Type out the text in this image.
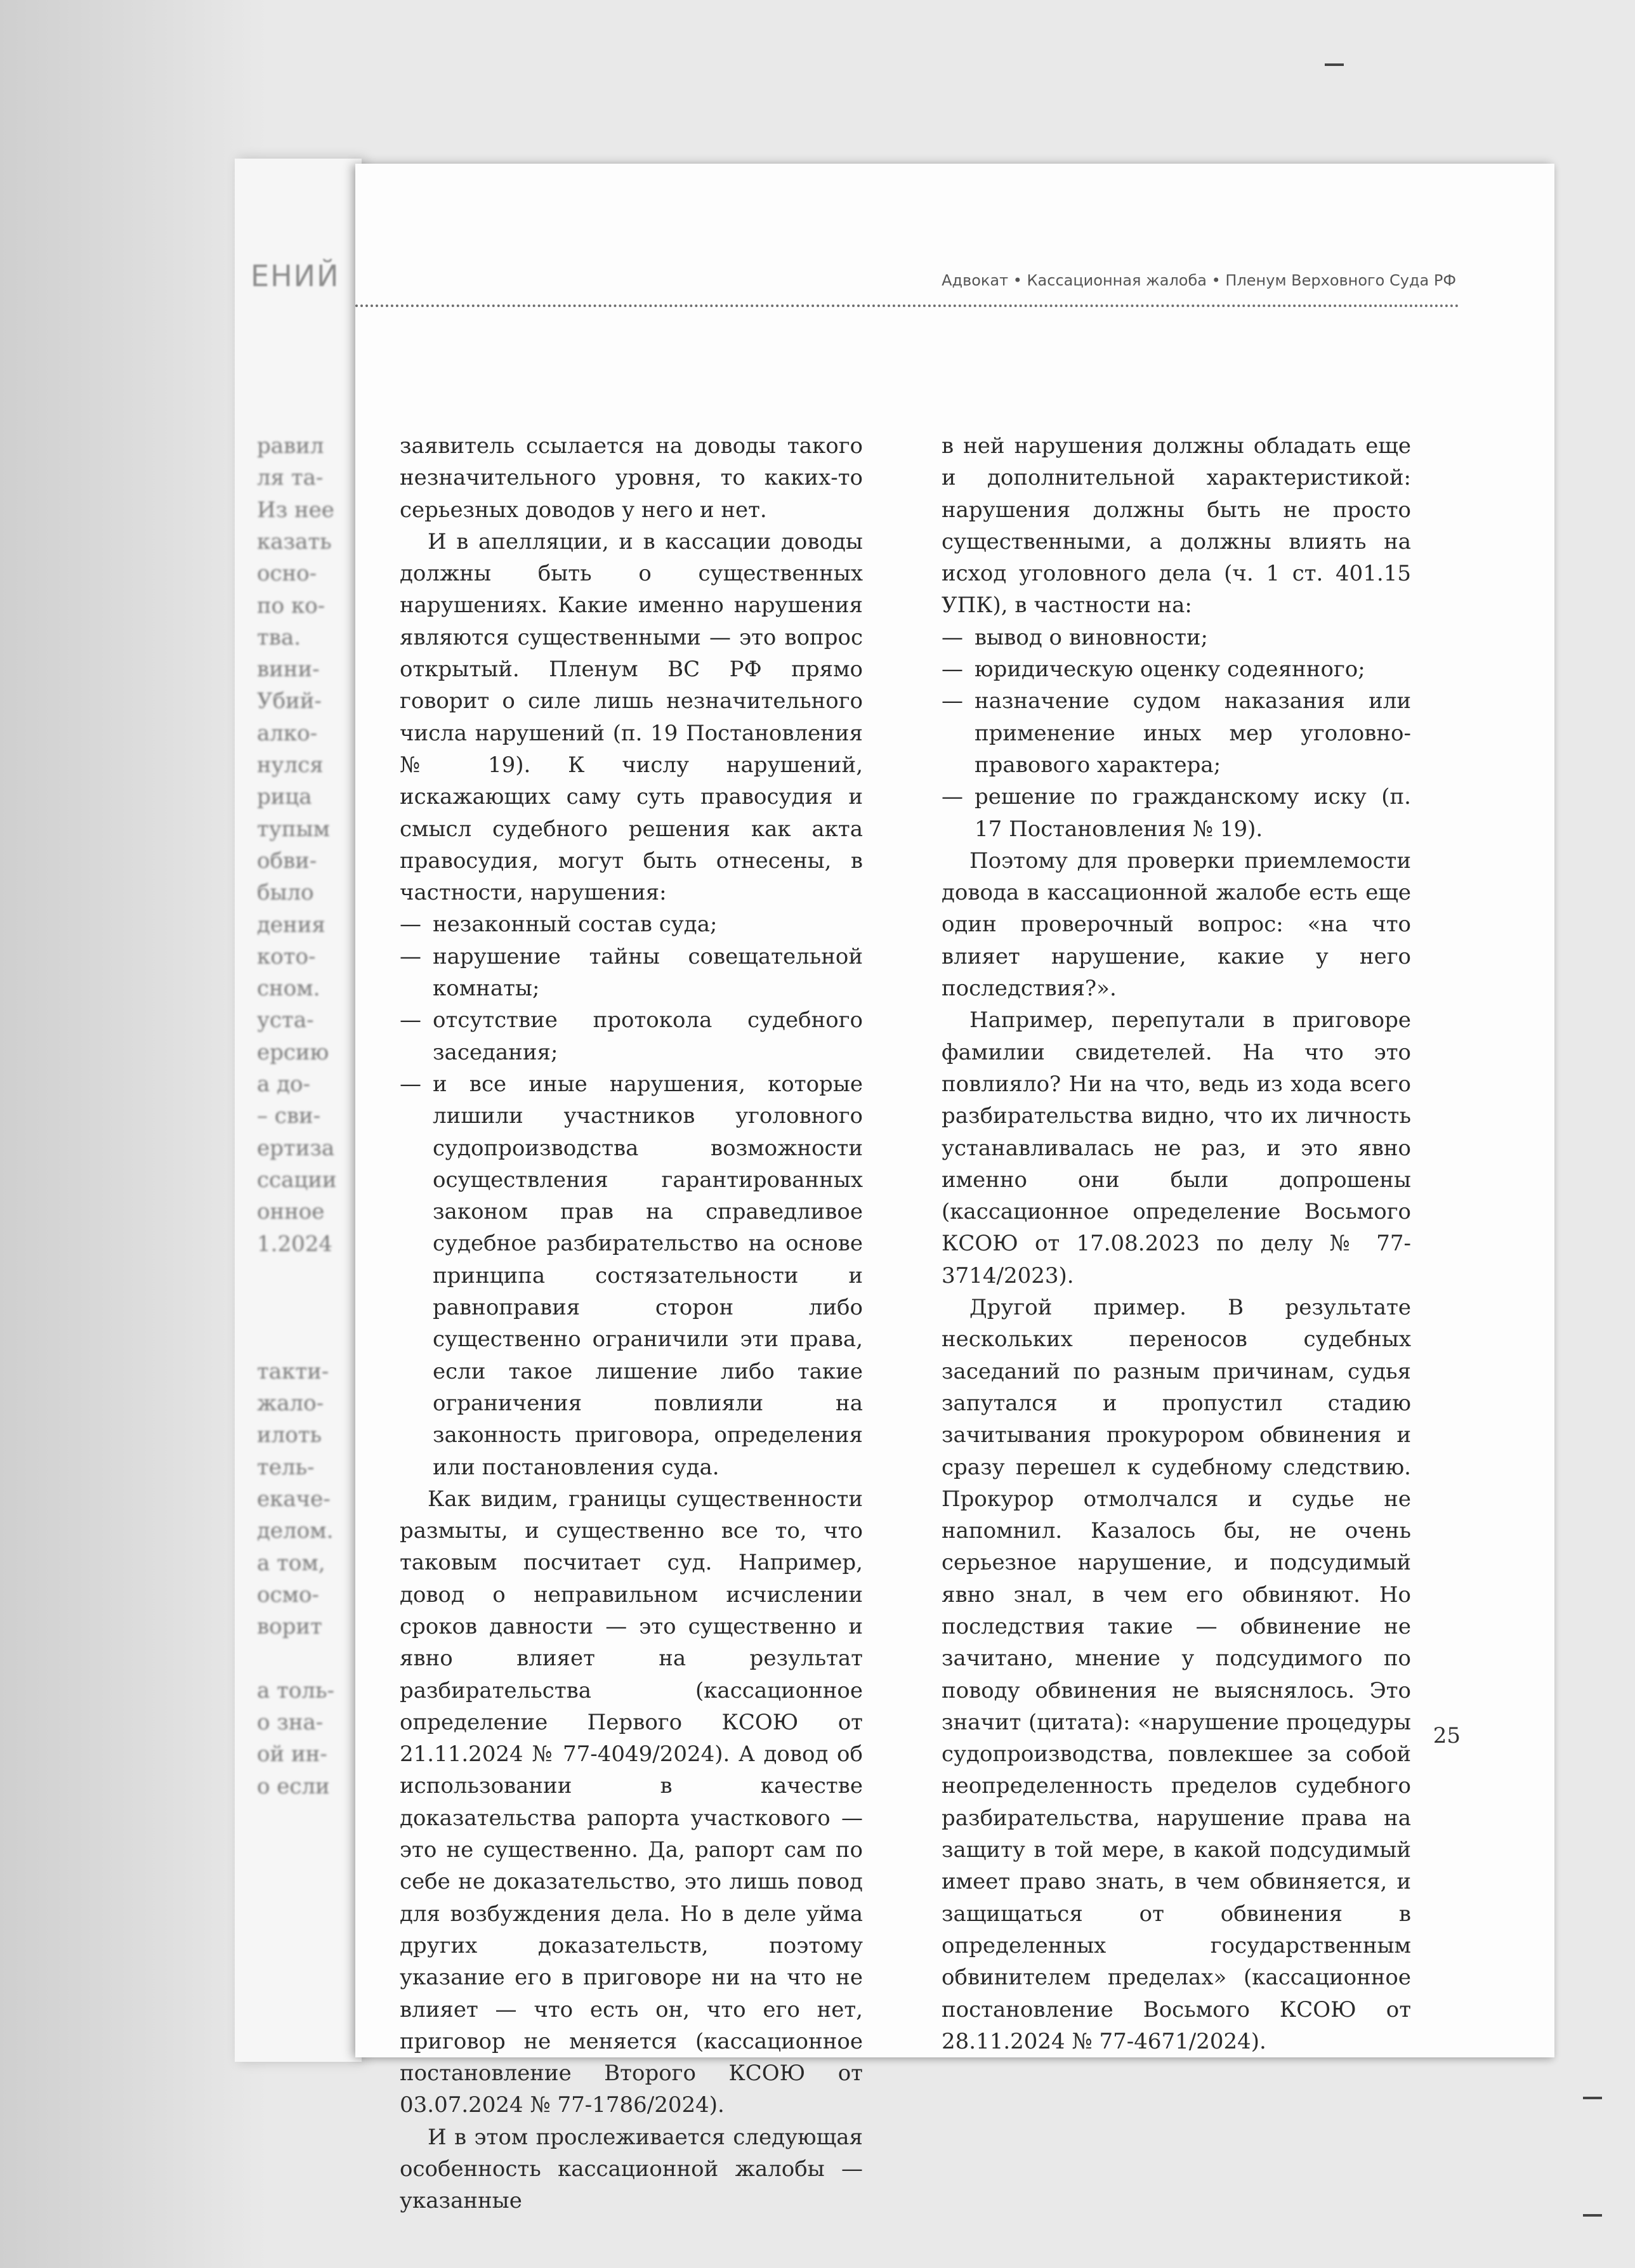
ЕНИЙ
равил
ля та-
Из нее
казать
осно-
по ко-
тва.
вини-
Убий-
алко-
нулся
рица
тупым
обви-
было
дения
кото-
сном.
уста-
ерсию
а до-
– сви-
ертиза
ссации
онное
1.2024
такти-
жало-
илоть
тель-
екаче-
делом.
а том,
осмо-
ворит
а толь-
о зна-
ой ин-
о если
Адвокат • Кассационная жалоба • Пленум Верховного Суда РФ

заявитель ссылается на доводы такого незначительного уровня, то каких-то серьезных доводов у него и нет.

И в апелляции, и в кассации доводы должны быть о существенных нарушениях. Какие именно нарушения являются существенными — это вопрос открытый. Пленум ВС РФ прямо говорит о силе лишь незначительного числа нарушений (п. 19 Постановления № 19). К числу нарушений, искажающих саму суть правосудия и смысл судебного решения как акта правосудия, могут быть отнесены, в частности, нарушения:

— незаконный состав суда;
— нарушение тайны совещательной комнаты;
— отсутствие протокола судебного заседания;
— и все иные нарушения, которые лишили участников уголовного судопроизводства возможности осуществления гарантированных законом прав на справедливое судебное разбирательство на основе принципа состязательности и равноправия сторон либо существенно ограничили эти права, если такое лишение либо такие ограничения повлияли на законность приговора, определения или постановления суда.

Как видим, границы существенности размыты, и существенно все то, что таковым посчитает суд. Например, довод о неправильном исчислении сроков давности — это существенно и явно влияет на результат разбирательства (кассационное определение Первого КСОЮ от 21.11.2024 № 77-4049/2024). А довод об использовании в качестве доказательства рапорта участкового — это не существенно. Да, рапорт сам по себе не доказательство, это лишь повод для возбуждения дела. Но в деле уйма других доказательств, поэтому указание его в приговоре ни на что не влияет — что есть он, что его нет, приговор не меняется (кассационное постановление Второго КСОЮ от 03.07.2024 № 77-1786/2024).

И в этом прослеживается следующая особенность кассационной жалобы — указанные

в ней нарушения должны обладать еще и дополнительной характеристикой: нарушения должны быть не просто существенными, а должны влиять на исход уголовного дела (ч. 1 ст. 401.15 УПК), в частности на:

— вывод о виновности;
— юридическую оценку содеянного;
— назначение судом наказания или применение иных мер уголовно-правового характера;
— решение по гражданскому иску (п. 17 Постановления № 19).

Поэтому для проверки приемлемости довода в кассационной жалобе есть еще один проверочный вопрос: «на что влияет нарушение, какие у него последствия?».

Например, перепутали в приговоре фамилии свидетелей. На что это повлияло? Ни на что, ведь из хода всего разбирательства видно, что их личность устанавливалась не раз, и это явно именно они были допрошены (кассационное определение Восьмого КСОЮ от 17.08.2023 по делу № 77-3714/2023).

Другой пример. В результате нескольких переносов судебных заседаний по разным причинам, судья запутался и пропустил стадию зачитывания прокурором обвинения и сразу перешел к судебному следствию. Прокурор отмолчался и судье не напомнил. Казалось бы, не очень серьезное нарушение, и подсудимый явно знал, в чем его обвиняют. Но последствия такие — обвинение не зачитано, мнение у подсудимого по поводу обвинения не выяснялось. Это значит (цитата): «нарушение процедуры судопроизводства, повлекшее за собой неопределенность пределов судебного разбирательства, нарушение права на защиту в той мере, в какой подсудимый имеет право знать, в чем обвиняется, и защищаться от обвинения в определенных государственным обвинителем пределах» (кассационное постановление Восьмого КСОЮ от 28.11.2024 № 77-4671/2024).

25
